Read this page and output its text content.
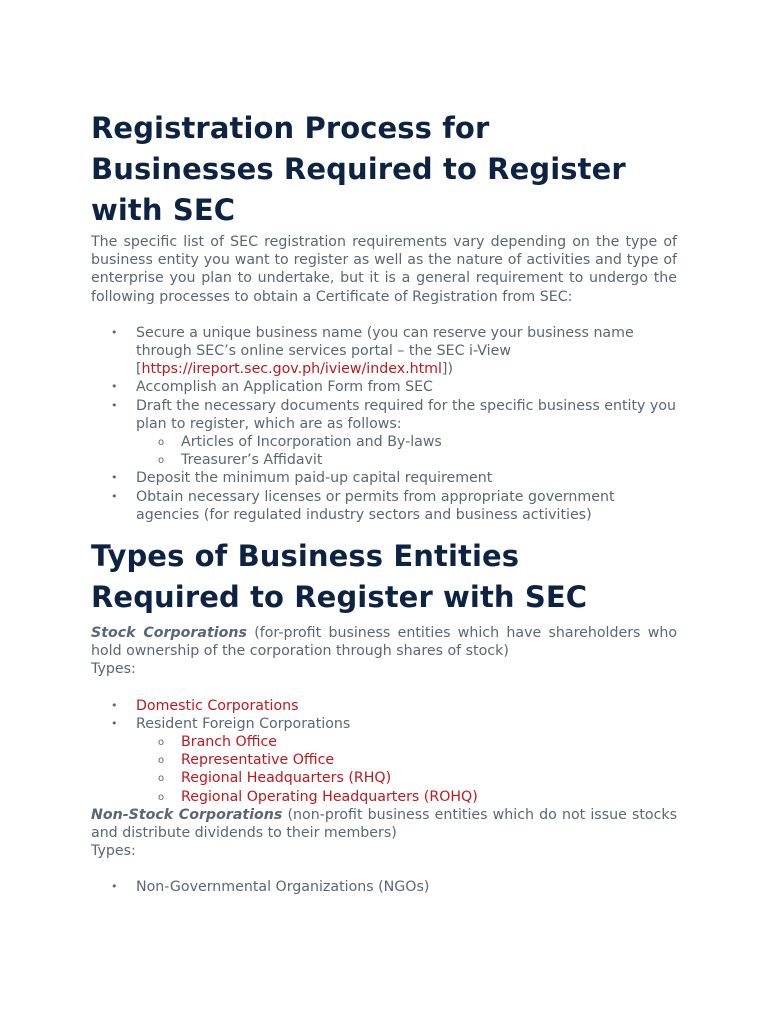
Registration Process for Businesses Required to Register with SEC

The specific list of SEC registration requirements vary depending on the type of business entity you want to register as well as the nature of activities and type of enterprise you plan to undertake, but it is a general requirement to undergo the following processes to obtain a Certificate of Registration from SEC:

• Secure a unique business name (you can reserve your business name through SEC’s online services portal – the SEC i-View [https://ireport.sec.gov.ph/iview/index.html])
• Accomplish an Application Form from SEC
• Draft the necessary documents required for the specific business entity you plan to register, which are as follows:
o Articles of Incorporation and By-laws
o Treasurer’s Affidavit
• Deposit the minimum paid-up capital requirement
• Obtain necessary licenses or permits from appropriate government agencies (for regulated industry sectors and business activities)
Types of Business Entities Required to Register with SEC

Stock Corporations (for-profit business entities which have shareholders who hold ownership of the corporation through shares of stock)

Types:

• Domestic Corporations
• Resident Foreign Corporations
o Branch Office
o Representative Office
o Regional Headquarters (RHQ)
o Regional Operating Headquarters (ROHQ)

Non-Stock Corporations (non-profit business entities which do not issue stocks and distribute dividends to their members)

Types:

• Non-Governmental Organizations (NGOs)
